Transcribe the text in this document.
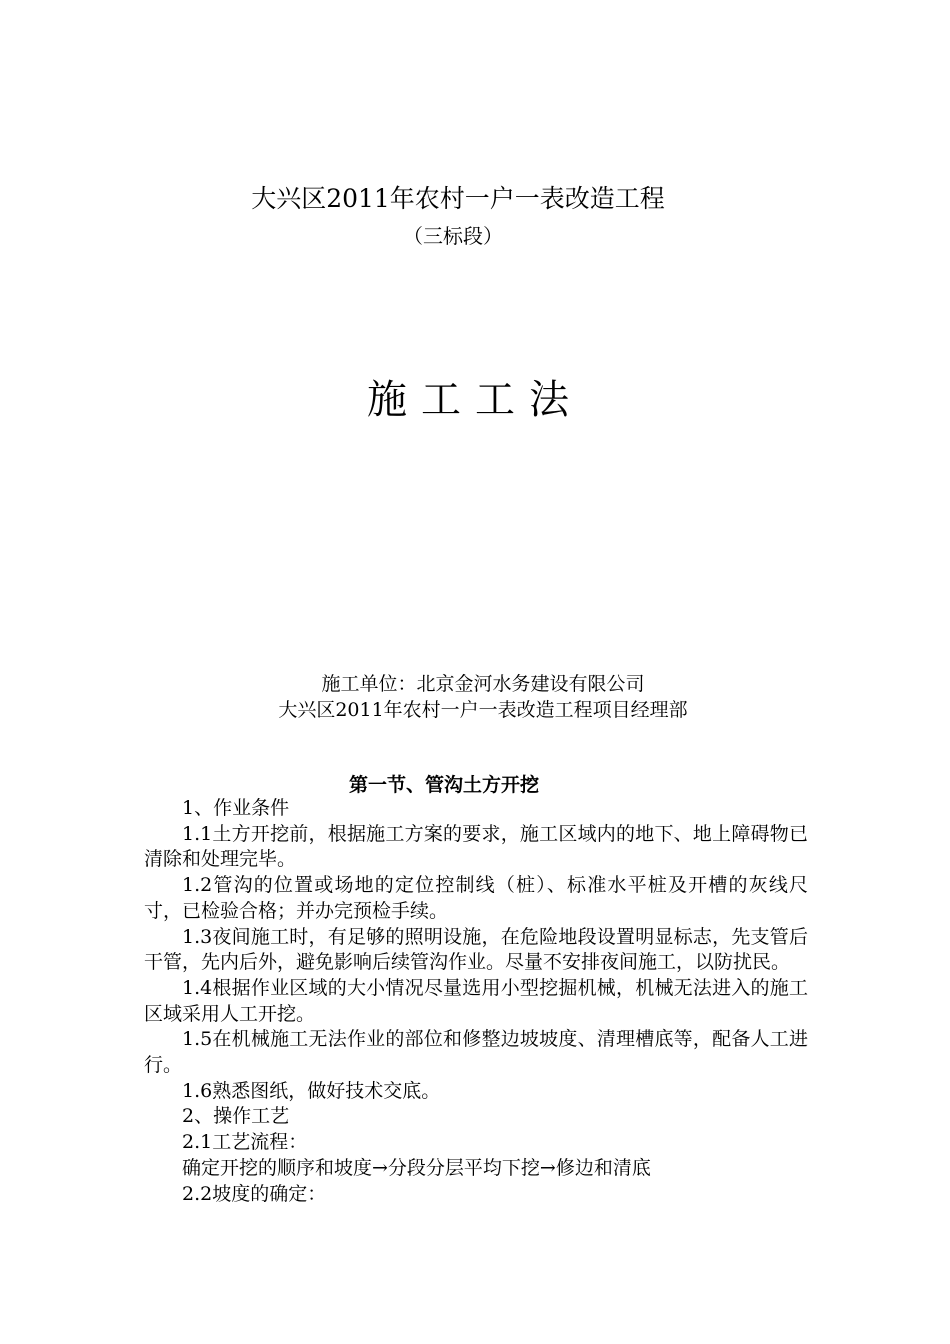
大兴区2011年农村一户一表改造工程
（三标段）
施工工法
施工单位：北京金河水务建设有限公司
大兴区2011年农村一户一表改造工程项目经理部
第一节、管沟土方开挖

1、作业条件

1.1土方开挖前，根据施工方案的要求，施工区域内的地下、地上障碍物已清除和处理完毕。

1.2管沟的位置或场地的定位控制线（桩）、标准水平桩及开槽的灰线尺寸，已检验合格；并办完预检手续。

1.3夜间施工时，有足够的照明设施，在危险地段设置明显标志，先支管后干管，先内后外，避免影响后续管沟作业。尽量不安排夜间施工，以防扰民。

1.4根据作业区域的大小情况尽量选用小型挖掘机械，机械无法进入的施工区域采用人工开挖。

1.5在机械施工无法作业的部位和修整边坡坡度、清理槽底等，配备人工进行。

1.6熟悉图纸，做好技术交底。

2、操作工艺

2.1工艺流程：

确定开挖的顺序和坡度→分段分层平均下挖→修边和清底

2.2坡度的确定：
